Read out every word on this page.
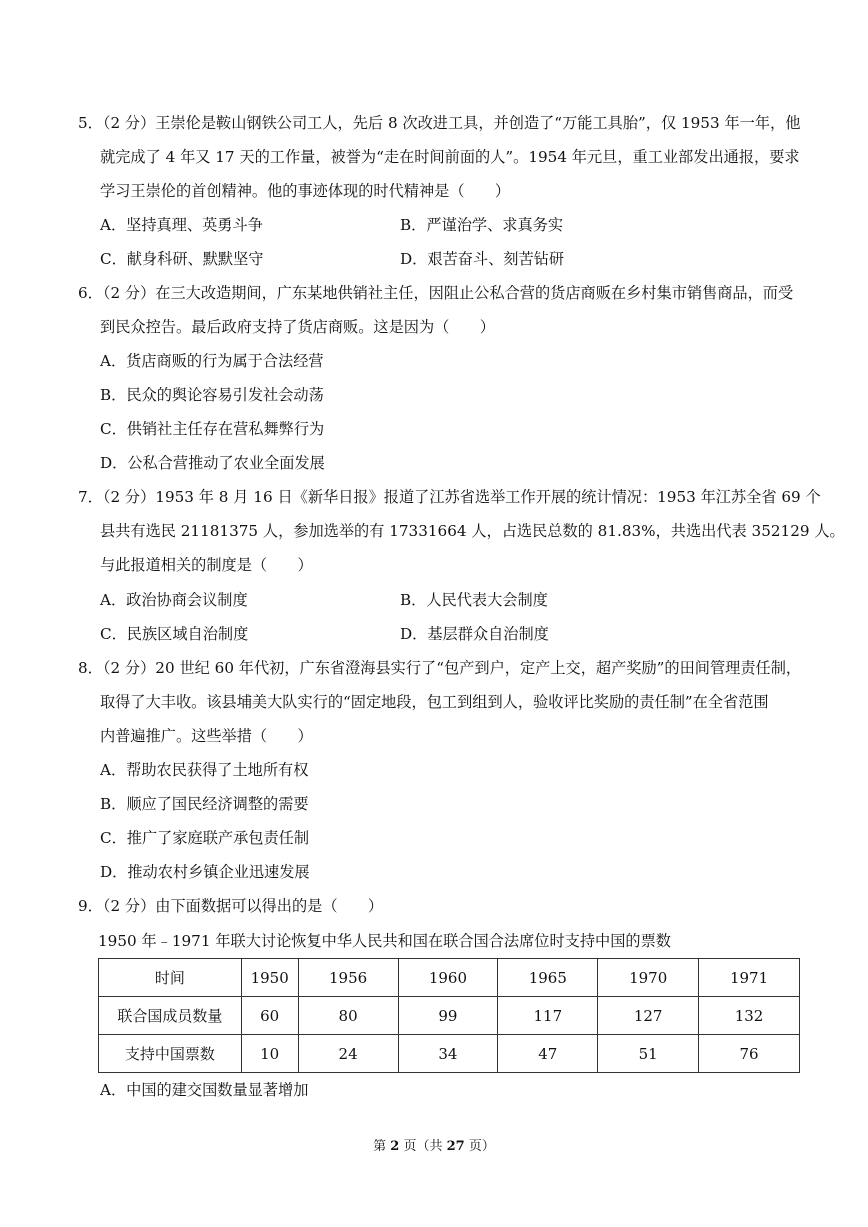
5．（2 分）王崇伦是鞍山钢铁公司工人，先后 8 次改进工具，并创造了“万能工具胎”，仅 1953 年一年，他
就完成了 4 年又 17 天的工作量，被誉为“走在时间前面的人”。1954 年元旦，重工业部发出通报，要求
学习王崇伦的首创精神。他的事迹体现的时代精神是（　　）
A．坚持真理、英勇斗争	B．严谨治学、求真务实
C．献身科研、默默坚守	D．艰苦奋斗、刻苦钻研
6．（2 分）在三大改造期间，广东某地供销社主任，因阻止公私合营的货店商贩在乡村集市销售商品，而受
到民众控告。最后政府支持了货店商贩。这是因为（　　）
A．货店商贩的行为属于合法经营
B．民众的舆论容易引发社会动荡
C．供销社主任存在营私舞弊行为
D．公私合营推动了农业全面发展
7．（2 分）1953 年 8 月 16 日《新华日报》报道了江苏省选举工作开展的统计情况：1953 年江苏全省 69 个
县共有选民 21181375 人，参加选举的有 17331664 人，占选民总数的 81.83%，共选出代表 352129 人。
与此报道相关的制度是（　　）
A．政治协商会议制度	B．人民代表大会制度
C．民族区域自治制度	D．基层群众自治制度
8．（2 分）20 世纪 60 年代初，广东省澄海县实行了“包产到户，定产上交，超产奖励”的田间管理责任制，
取得了大丰收。该县埔美大队实行的“固定地段，包工到组到人，验收评比奖励的责任制”在全省范围
内普遍推广。这些举措（　　）
A．帮助农民获得了土地所有权
B．顺应了国民经济调整的需要
C．推广了家庭联产承包责任制
D．推动农村乡镇企业迅速发展
9．（2 分）由下面数据可以得出的是（　　）
1950 年﹣1971 年联大讨论恢复中华人民共和国在联合国合法席位时支持中国的票数
时间	1950	1956	1960	1965	1970	1971
联合国成员数量	60	80	99	117	127	132
支持中国票数	10	24	34	47	51	76
A．中国的建交国数量显著增加
第 2 页（共 27 页）
